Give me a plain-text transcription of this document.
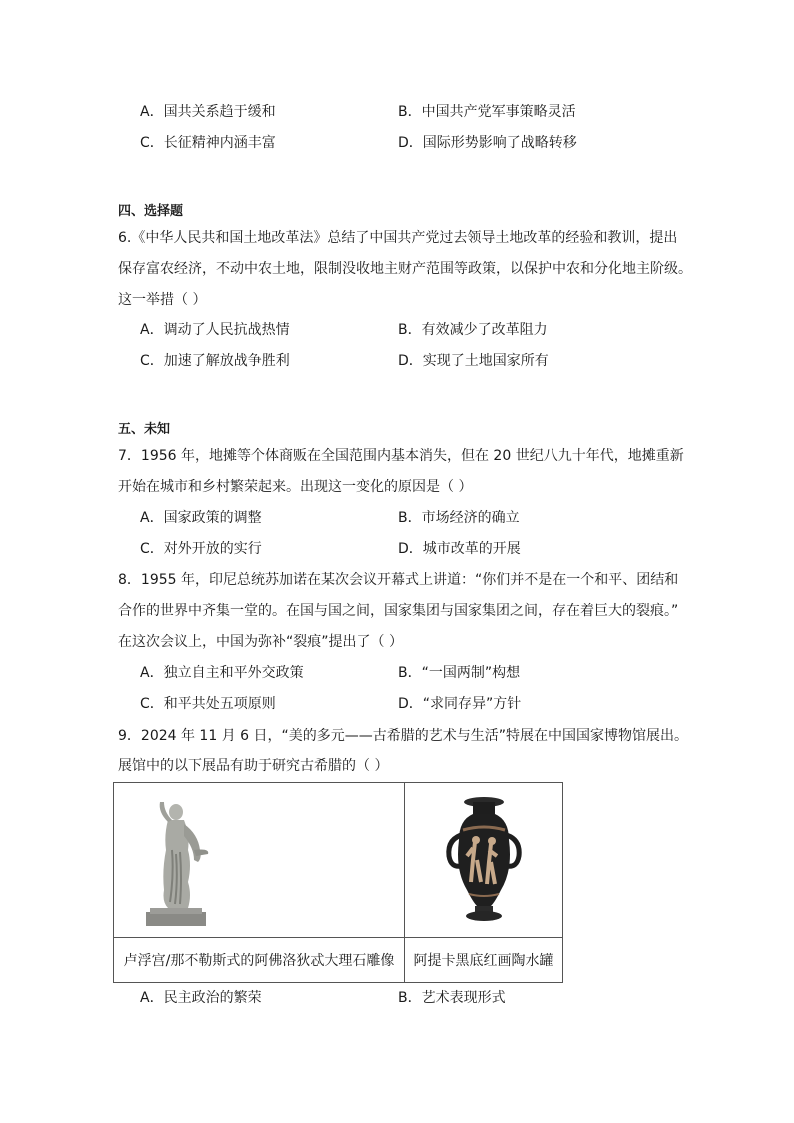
A．国共关系趋于缓和	B．中国共产党军事策略灵活
C．长征精神内涵丰富	D．国际形势影响了战略转移
四、选择题
6.《中华人民共和国土地改革法》总结了中国共产党过去领导土地改革的经验和教训，提出
保存富农经济，不动中农土地，限制没收地主财产范围等政策，以保护中农和分化地主阶级。
这一举措（ ）
A．调动了人民抗战热情	B．有效减少了改革阻力
C．加速了解放战争胜利	D．实现了土地国家所有
五、未知
7．1956 年，地摊等个体商贩在全国范围内基本消失，但在 20 世纪八九十年代，地摊重新
开始在城市和乡村繁荣起来。出现这一变化的原因是（ ）
A．国家政策的调整	B．市场经济的确立
C．对外开放的实行	D．城市改革的开展
8．1955 年，印尼总统苏加诺在某次会议开幕式上讲道：“你们并不是在一个和平、团结和
合作的世界中齐集一堂的。在国与国之间，国家集团与国家集团之间，存在着巨大的裂痕。”
在这次会议上，中国为弥补“裂痕”提出了（ ）
A．独立自主和平外交政策	B．“一国两制”构想
C．和平共处五项原则	D．“求同存异”方针
9．2024 年 11 月 6 日，“美的多元——古希腊的艺术与生活”特展在中国国家博物馆展出。
展馆中的以下展品有助于研究古希腊的（ ）

卢浮宫/那不勒斯式的阿佛洛狄忒大理石雕像	阿提卡黑底红画陶水罐
A．民主政治的繁荣	B．艺术表现形式
